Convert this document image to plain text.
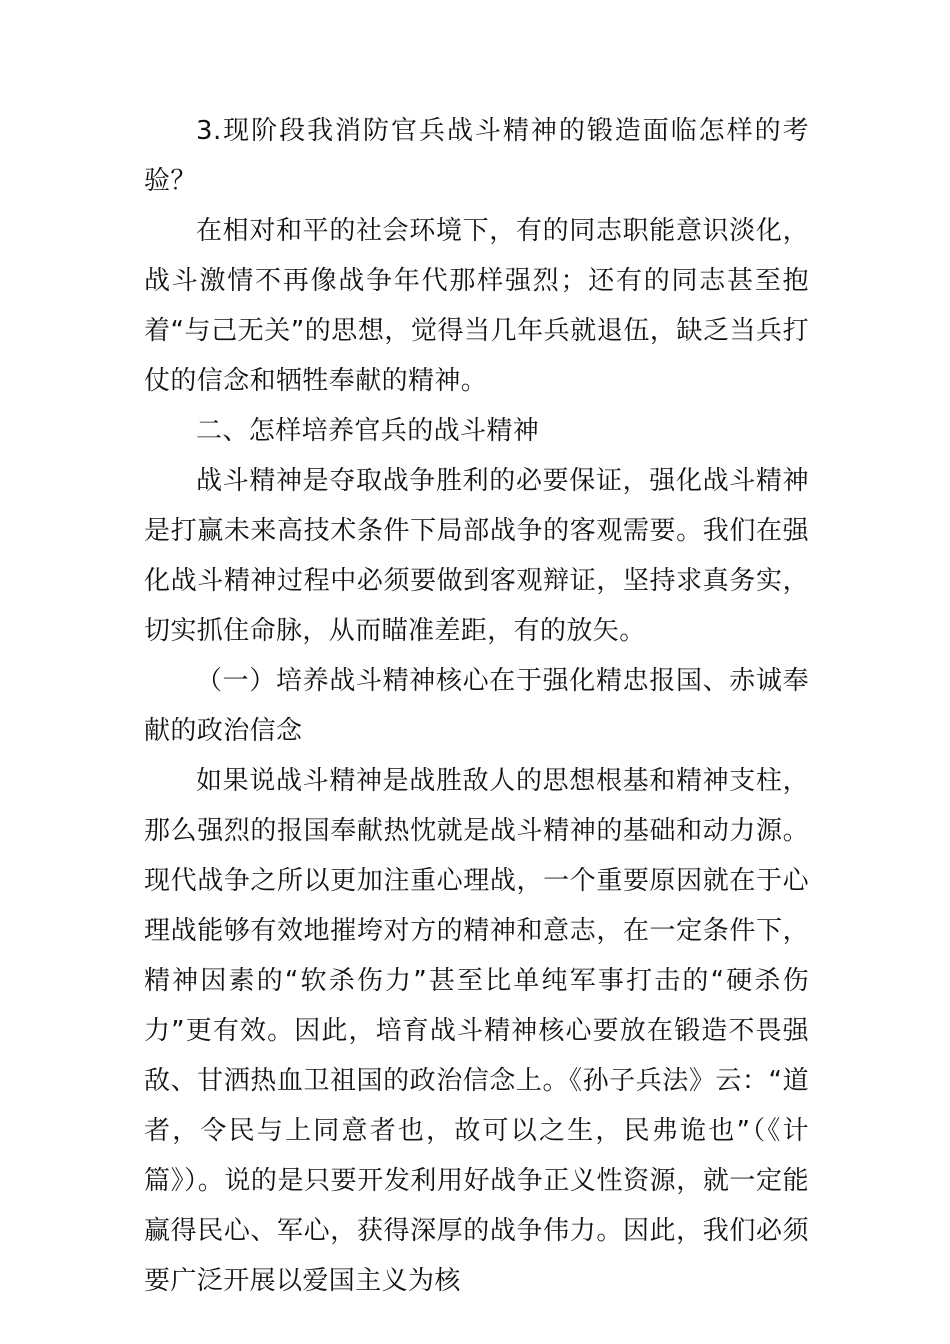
3.现阶段我消防官兵战斗精神的锻造面临怎样的考验？

在相对和平的社会环境下，有的同志职能意识淡化，战斗激情不再像战争年代那样强烈；还有的同志甚至抱着“与己无关”的思想，觉得当几年兵就退伍，缺乏当兵打仗的信念和牺牲奉献的精神。

二、怎样培养官兵的战斗精神

战斗精神是夺取战争胜利的必要保证，强化战斗精神是打赢未来高技术条件下局部战争的客观需要。我们在强化战斗精神过程中必须要做到客观辩证，坚持求真务实，切实抓住命脉，从而瞄准差距，有的放矢。

（一）培养战斗精神核心在于强化精忠报国、赤诚奉献的政治信念

如果说战斗精神是战胜敌人的思想根基和精神支柱，那么强烈的报国奉献热忱就是战斗精神的基础和动力源。现代战争之所以更加注重心理战，一个重要原因就在于心理战能够有效地摧垮对方的精神和意志，在一定条件下，精神因素的“软杀伤力”甚至比单纯军事打击的“硬杀伤力”更有效。因此，培育战斗精神核心要放在锻造不畏强敌、甘洒热血卫祖国的政治信念上。《孙子兵法》云：“道者，令民与上同意者也，故可以之生，民弗诡也”（《计篇》）。说的是只要开发利用好战争正义性资源，就一定能赢得民心、军心，获得深厚的战争伟力。因此，我们必须要广泛开展以爱国主义为核
